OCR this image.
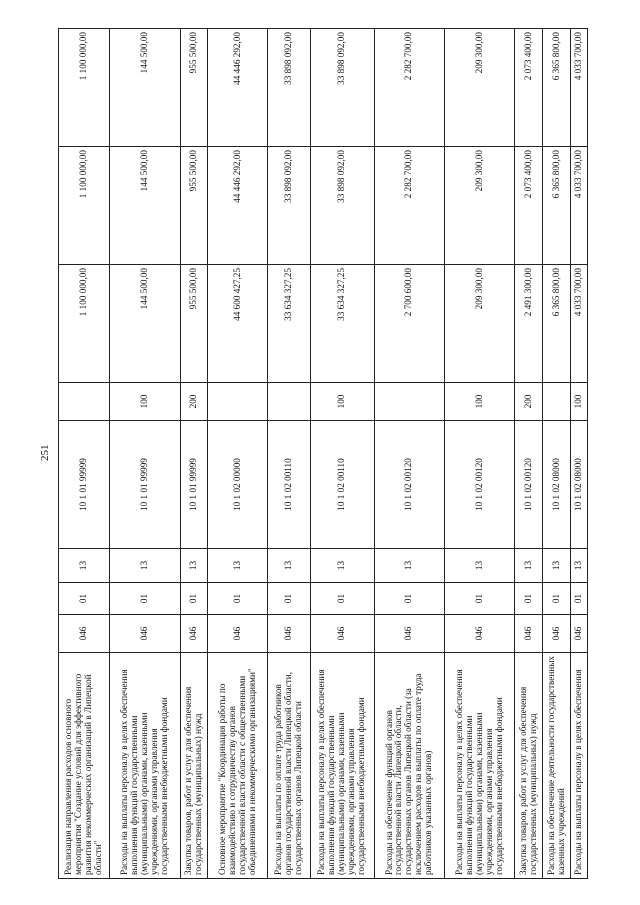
251
Реализация направления расходов основного мероприятия "Создание условий для эффективного развития некоммерческих организаций в Липецкой области"	046	01	13	10 1 01 99999		1 100 000,00	1 100 000,00	1 100 000,00
Расходы на выплаты персоналу в целях обеспечения выполнения функций государственными (муниципальными) органами, казенными учреждениями, органами управления государственными внебюджетными фондами	046	01	13	10 1 01 99999	100	144 500,00	144 500,00	144 500,00
Закупка товаров, работ и услуг для обеспечения государственных (муниципальных) нужд	046	01	13	10 1 01 99999	200	955 500,00	955 500,00	955 500,00
Основное мероприятие "Координация работы по взаимодействию и сотрудничеству органов государственной власти области с общественными объединениями и некоммерческими организациями"	046	01	13	10 1 02 00000		44 600 427,25	44 446 292,00	44 446 292,00
Расходы на выплаты по оплате труда работников органов государственной власти Липецкой области, государственных органов Липецкой области	046	01	13	10 1 02 00110		33 634 327,25	33 898 092,00	33 898 092,00
Расходы на выплаты персоналу в целях обеспечения выполнения функций государственными (муниципальными) органами, казенными учреждениями, органами управления государственными внебюджетными фондами	046	01	13	10 1 02 00110	100	33 634 327,25	33 898 092,00	33 898 092,00
Расходы на обеспечение функций органов государственной власти Липецкой области, государственных органов Липецкой области (за исключением расходов на выплаты по оплате труда работников указанных органов)	046	01	13	10 1 02 00120		2 700 600,00	2 282 700,00	2 282 700,00
Расходы на выплаты персоналу в целях обеспечения выполнения функций государственными (муниципальными) органами, казенными учреждениями, органами управления государственными внебюджетными фондами	046	01	13	10 1 02 00120	100	209 300,00	209 300,00	209 300,00
Закупка товаров, работ и услуг для обеспечения государственных (муниципальных) нужд	046	01	13	10 1 02 00120	200	2 491 300,00	2 073 400,00	2 073 400,00
Расходы на обеспечение деятельности государственных казенных учреждений	046	01	13	10 1 02 08000		6 365 800,00	6 365 800,00	6 365 800,00
Расходы на выплаты персоналу в целях обеспечения	046	01	13	10 1 02 08000	100	4 033 700,00	4 033 700,00	4 033 700,00
